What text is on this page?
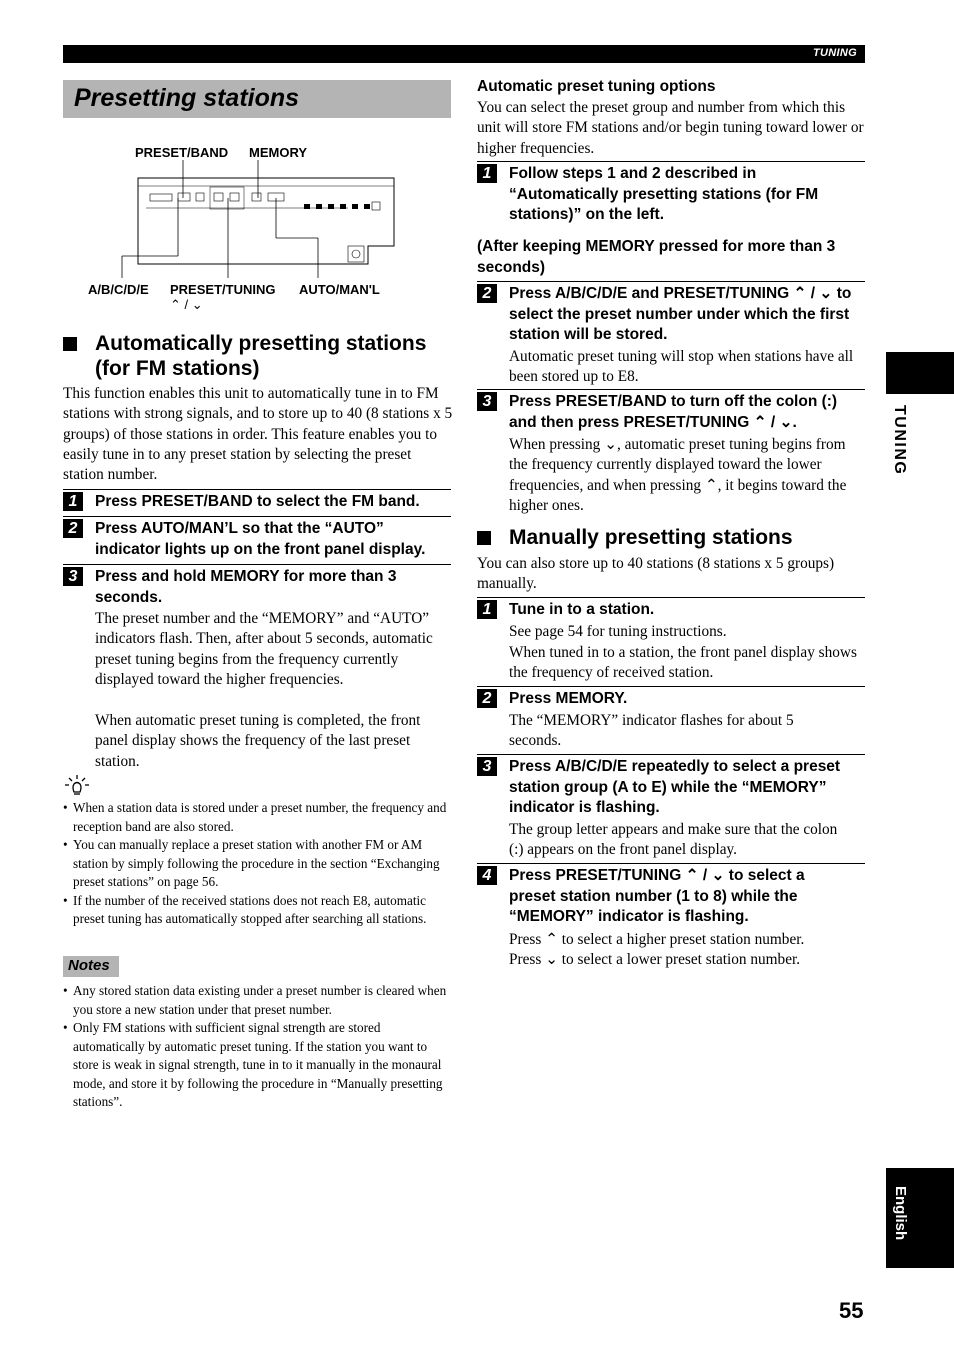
TUNING
Presetting stations
PRESET/BAND MEMORY
A/B/C/D/E PRESET/TUNING
⌃ / ⌄
AUTO/MAN'L
Automatically presetting stations
(for FM stations)

This function enables this unit to automatically tune in to FM stations with strong signals, and to store up to 40 (8 stations x 5 groups) of those stations in order. This feature enables you to easily tune in to any preset station by selecting the preset station number.

1	Press PRESET/BAND to select the FM band.
2	Press AUTO/MAN’L so that the “AUTO” indicator lights up on the front panel display.
3	Press and hold MEMORY for more than 3 seconds.
The preset number and the “MEMORY” and “AUTO” indicators flash. Then, after about 5 seconds, automatic preset tuning begins from the frequency currently displayed toward the higher frequencies.
When automatic preset tuning is completed, the front panel display shows the frequency of the last preset station.
• When a station data is stored under a preset number, the frequency and reception band are also stored.
• You can manually replace a preset station with another FM or AM station by simply following the procedure in the section “Exchanging preset stations” on page 56.
• If the number of the received stations does not reach E8, automatic preset tuning has automatically stopped after searching all stations.
Notes
• Any stored station data existing under a preset number is cleared when you store a new station under that preset number.
• Only FM stations with sufficient signal strength are stored automatically by automatic preset tuning. If the station you want to store is weak in signal strength, tune in to it manually in the monaural mode, and store it by following the procedure in “Manually presetting stations”.
Automatic preset tuning options

You can select the preset group and number from which this unit will store FM stations and/or begin tuning toward lower or higher frequencies.

1	Follow steps 1 and 2 described in “Automatically presetting stations (for FM stations)” on the left.
(After keeping MEMORY pressed for more than 3 seconds)
2	Press A/B/C/D/E and PRESET/TUNING ⌃ / ⌄ to select the preset number under which the first station will be stored.
Automatic preset tuning will stop when stations have all been stored up to E8.
3	Press PRESET/BAND to turn off the colon (:) and then press PRESET/TUNING ⌃ / ⌄.
When pressing ⌄, automatic preset tuning begins from the frequency currently displayed toward the lower frequencies, and when pressing ⌃, it begins toward the higher ones.
Manually presetting stations

You can also store up to 40 stations (8 stations x 5 groups) manually.

1	Tune in to a station.
See page 54 for tuning instructions.
When tuned in to a station, the front panel display shows the frequency of received station.
2	Press MEMORY.
The “MEMORY” indicator flashes for about 5 seconds.
3	Press A/B/C/D/E repeatedly to select a preset station group (A to E) while the “MEMORY” indicator is flashing.
The group letter appears and make sure that the colon (:) appears on the front panel display.
4	Press PRESET/TUNING ⌃ / ⌄ to select a preset station number (1 to 8) while the “MEMORY” indicator is flashing.
Press ⌃ to select a higher preset station number.
Press ⌄ to select a lower preset station number.
TUNING
English
55
